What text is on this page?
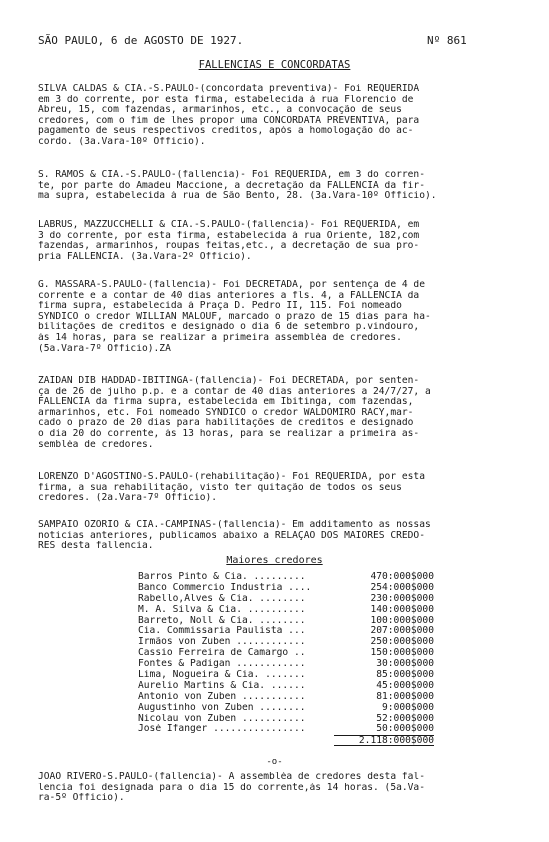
SÃO PAULO, 6 de AGOSTO DE 1927.	Nº 861
FALLENCIAS E CONCORDATAS
SILVA CALDAS & CIA.-S.PAULO-(concordata preventiva)- Foi REQUERIDA
em 3 do corrente, por esta firma, estabelecida á rua Florencio de
Abreu, 15, com fazendas, armarinhos, etc., a convocação de seus
credores, com o fim de lhes propor uma CONCORDATA PREVENTIVA, para
pagamento de seus respectivos creditos, após a homologação do ac-
cordo. (3a.Vara-10º Officio).
S. RAMOS & CIA.-S.PAULO-(fallencia)- Foi REQUERIDA, em 3 do corren-
te, por parte do Amadeu Maccione, a decretação da FALLENCIA da fir-
ma supra, estabelecida á rua de São Bento, 28. (3a.Vara-10º Officio).
LABRUS, MAZZUCCHELLI & CIA.-S.PAULO-(fallencia)- Foi REQUERIDA, em
3 do corrente, por esta firma, estabelecida á rua Oriente, 182,com
fazendas, armarinhos, roupas feitas,etc., a decretação de sua pro-
pria FALLENCIA. (3a.Vara-2º Officio).
G. MASSARA-S.PAULO-(fallencia)- Foi DECRETADA, por sentença de 4 de
corrente e a contar de 40 dias anteriores a fls. 4, a FALLENCIA da
firma supra, estabelecida á Praça D. Pedro II, 115. Foi nomeado
SYNDICO o credor WILLIAN MALOUF, marcado o prazo de 15 dias para ha-
bilitações de creditos e designado o dia 6 de setembro p.vindouro,
ás 14 horas, para se realizar a primeira assembléa de credores.
(5a.Vara-7º Officio).ZA
ZAIDAN DIB HADDAD-IBITINGA-(fallencia)- Foi DECRETADA, por senten-
ça de 26 de julho p.p. e a contar de 40 dias anteriores a 24/7/27, a
FALLENCIA da firma supra, estabelecida em Ibitinga, com fazendas,
armarinhos, etc. Foi nomeado SYNDICO o credor WALDOMIRO RACY,mar-
cado o prazo de 20 dias para habilitações de creditos e designado
o dia 20 do corrente, ás 13 horas, para se realizar a primeira as-
sembléa de credores.
LORENZO D'AGOSTINO-S.PAULO-(rehabilitação)- Foi REQUERIDA, por esta
firma, a sua rehabilitação, visto ter quitação de todos os seus
credores. (2a.Vara-7º Officio).
SAMPAIO OZORIO & CIA.-CAMPINAS-(fallencia)- Em additamento as nossas
noticias anteriores, publicamos abaixo a RELAÇÃO DOS MAIORES CREDO-
RES desta fallencia.
Maiores credores
Barros Pinto & Cia. .........	470:000$000
Banco Commercio Industria ....	254:000$000
Rabello,Alves & Cia. ........	230:000$000
M. A. Silva & Cia. ..........	140:000$000
Barreto, Noll & Cia. ........	100:000$000
Cia. Commissaria Paulista ...	207:000$000
Irmãos von Zuben ............	250:000$000
Cassio Ferreira de Camargo ..	150:000$000
Fontes & Padigan ............	30:000$000
Lima, Nogueira & Cia. .......	85:000$000
Aurelio Martins & Cia. ......	45:000$000
Antonio von Zuben ...........	81:000$000
Augustinho von Zuben ........	9:000$000
Nicolau von Zuben ...........	52:000$000
José Ifanger ................	50:000$000
2.118:000$000
-o-
JOÃO RIVERO-S.PAULO-(fallencia)- A assembléa de credores desta fal-
lencia foi designada para o dia 15 do corrente,ás 14 horas. (5a.Va-
ra-5º Officio).
